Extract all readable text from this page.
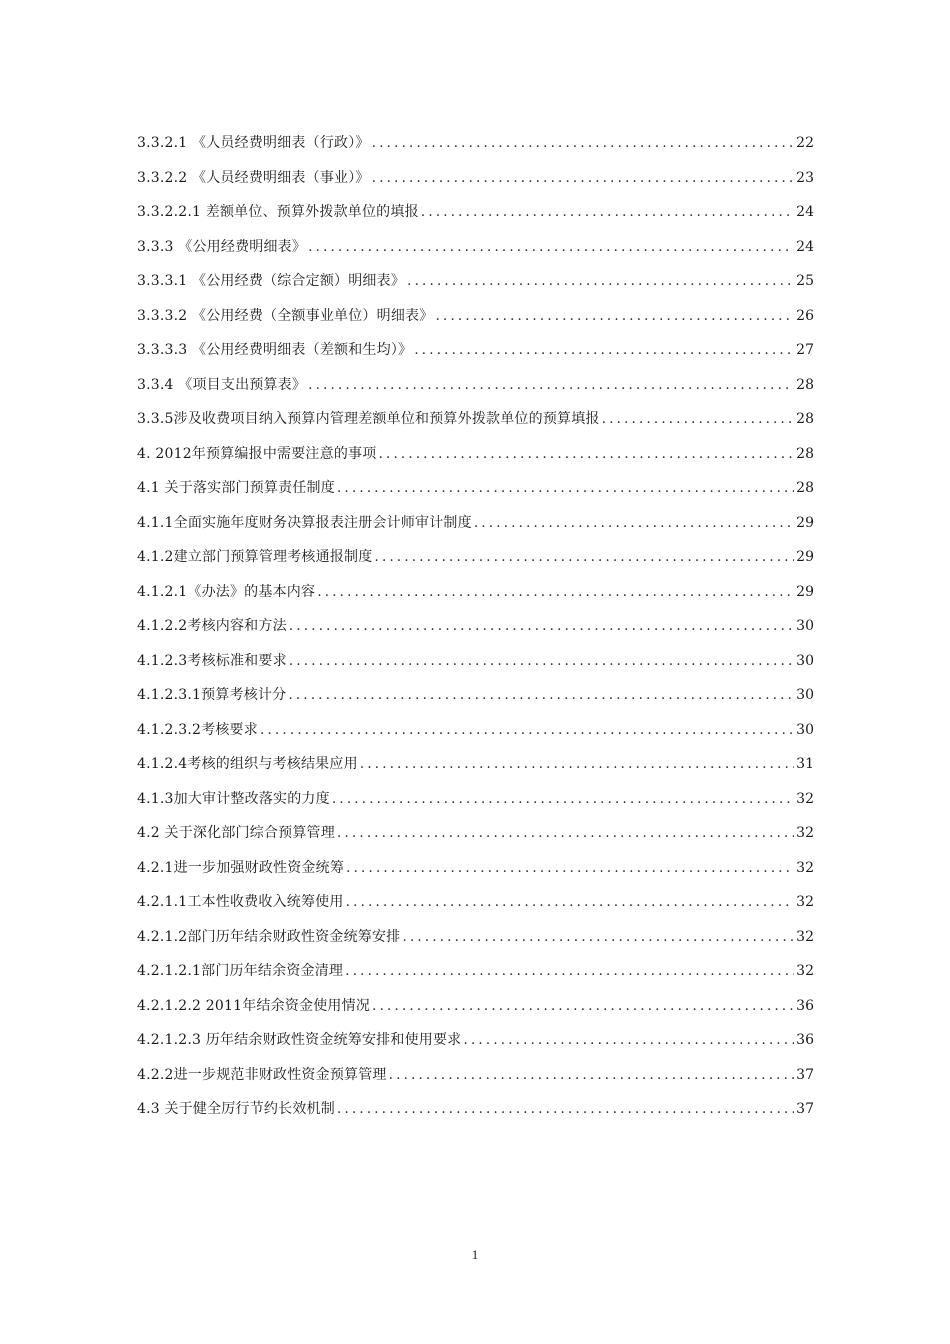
3.3.2.1 《人员经费明细表（行政）》 .....	22
3.3.2.2 《人员经费明细表（事业）》 .....	23
3.3.2.2.1 差额单位、预算外拨款单位的填报 .....	24
3.3.3 《公用经费明细表》 .....	24
3.3.3.1 《公用经费（综合定额）明细表》 .....	25
3.3.3.2 《公用经费（全额事业单位）明细表》 .....	26
3.3.3.3 《公用经费明细表（差额和生均）》 .....	27
3.3.4 《项目支出预算表》 .....	28
3.3.5涉及收费项目纳入预算内管理差额单位和预算外拨款单位的预算填报 .....	28
4. 2012年预算编报中需要注意的事项 .....	28
4.1 关于落实部门预算责任制度 .....	28
4.1.1全面实施年度财务决算报表注册会计师审计制度 .....	29
4.1.2建立部门预算管理考核通报制度 .....	29
4.1.2.1《办法》的基本内容 .....	29
4.1.2.2考核内容和方法 .....	30
4.1.2.3考核标准和要求 .....	30
4.1.2.3.1预算考核计分 .....	30
4.1.2.3.2考核要求 .....	30
4.1.2.4考核的组织与考核结果应用 .....	31
4.1.3加大审计整改落实的力度 .....	32
4.2 关于深化部门综合预算管理 .....	32
4.2.1进一步加强财政性资金统筹 .....	32
4.2.1.1工本性收费收入统筹使用 .....	32
4.2.1.2部门历年结余财政性资金统筹安排 .....	32
4.2.1.2.1部门历年结余资金清理 .....	32
4.2.1.2.2 2011年结余资金使用情况 .....	36
4.2.1.2.3 历年结余财政性资金统筹安排和使用要求 .....	36
4.2.2进一步规范非财政性资金预算管理 .....	37
4.3 关于健全厉行节约长效机制 .....	37
1
